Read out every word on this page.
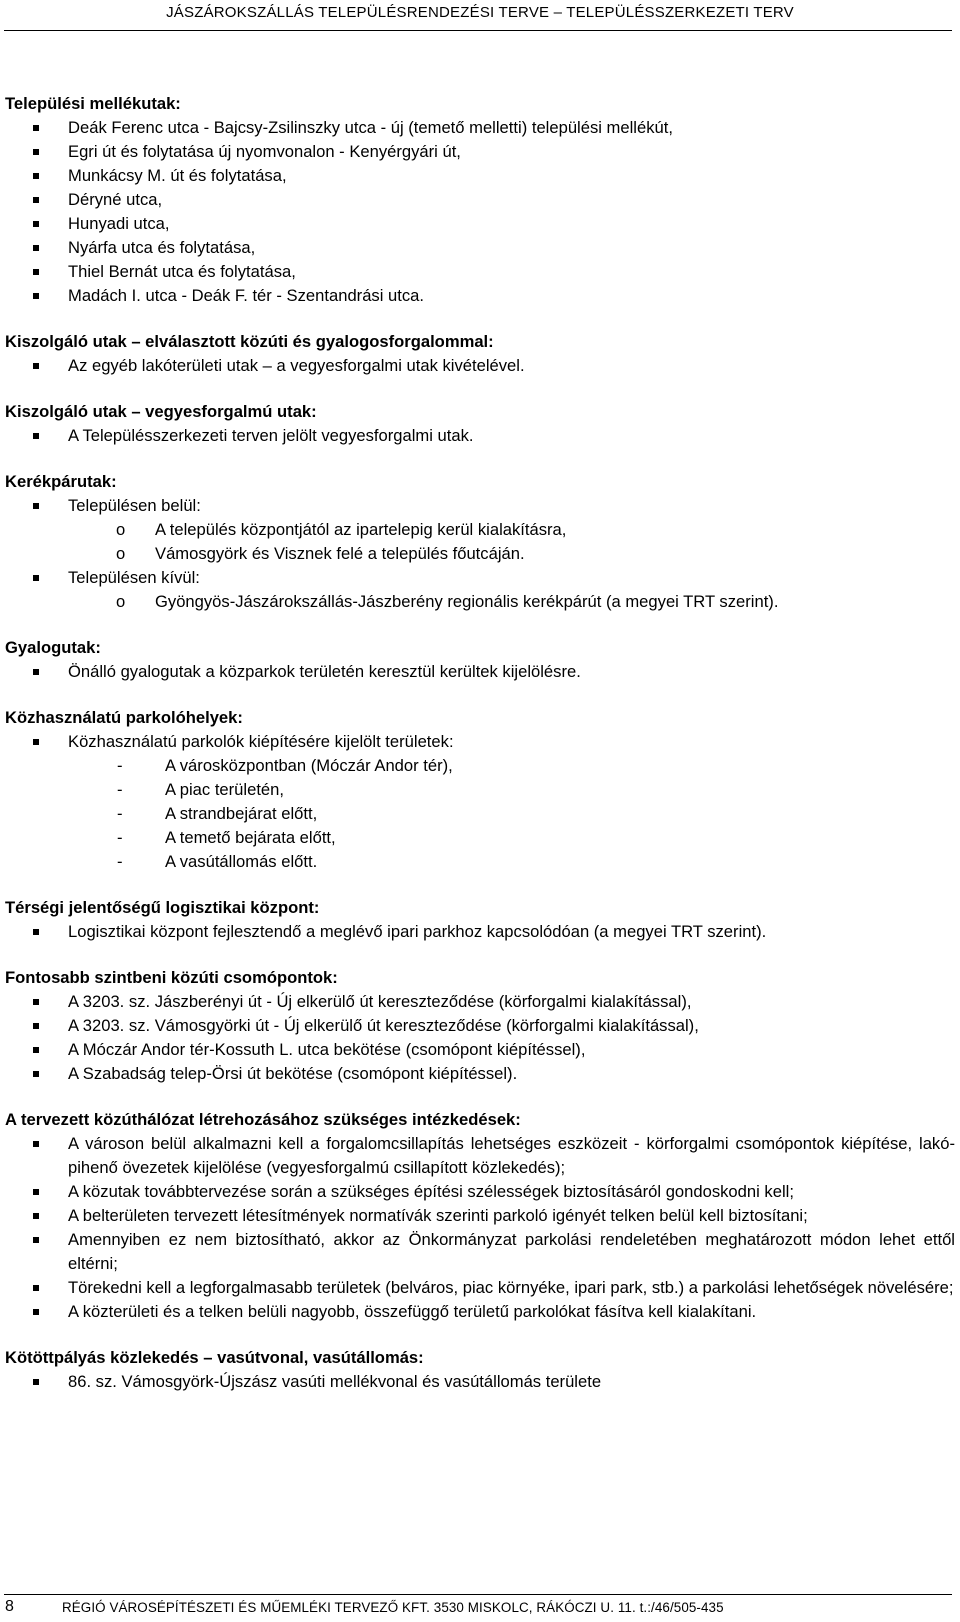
JÁSZÁROKSZÁLLÁS TELEPÜLÉSRENDEZÉSI TERVE – TELEPÜLÉSSZERKEZETI TERV
Települési mellékutak:
Deák Ferenc utca - Bajcsy-Zsilinszky utca - új (temető melletti) települési mellékút,
Egri út és folytatása új nyomvonalon - Kenyérgyári út,
Munkácsy M. út és folytatása,
Déryné utca,
Hunyadi utca,
Nyárfa utca és folytatása,
Thiel Bernát utca és folytatása,
Madách I. utca - Deák F. tér - Szentandrási utca.
Kiszolgáló utak – elválasztott közúti és gyalogosforgalommal:
Az egyéb lakóterületi utak – a vegyesforgalmi utak kivételével.
Kiszolgáló utak – vegyesforgalmú utak:
A Településszerkezeti terven jelölt vegyesforgalmi utak.
Kerékpárutak:
Településen belül:
o A település központjától az ipartelepig kerül kialakításra,
o Vámosgyörk és Visznek felé a település főutcáján.
Településen kívül:
o Gyöngyös-Jászárokszállás-Jászberény regionális kerékpárút (a megyei TRT szerint).
Gyalogutak:
Önálló gyalogutak a közparkok területén keresztül kerültek kijelölésre.
Közhasználatú parkolóhelyek:
Közhasználatú parkolók kiépítésére kijelölt területek:
- A városközpontban (Móczár Andor tér),
- A piac területén,
- A strandbejárat előtt,
- A temető bejárata előtt,
- A vasútállomás előtt.
Térségi jelentőségű logisztikai központ:
Logisztikai központ fejlesztendő a meglévő ipari parkhoz kapcsolódóan (a megyei TRT szerint).
Fontosabb szintbeni közúti csomópontok:
A 3203. sz. Jászberényi út - Új elkerülő út kereszteződése (körforgalmi kialakítással),
A 3203. sz. Vámosgyörki út - Új elkerülő út kereszteződése (körforgalmi kialakítással),
A Móczár Andor tér-Kossuth L. utca bekötése (csomópont kiépítéssel),
A Szabadság telep-Örsi út bekötése (csomópont kiépítéssel).
A tervezett közúthálózat létrehozásához szükséges intézkedések:
A városon belül alkalmazni kell a forgalomcsillapítás lehetséges eszközeit - körforgalmi csomópontok kiépítése, lakó-pihenő övezetek kijelölése (vegyesforgalmú csillapított közlekedés);
A közutak továbbtervezése során a szükséges építési szélességek biztosításáról gondoskodni kell;
A belterületen tervezett létesítmények normatívák szerinti parkoló igényét telken belül kell biztosítani;
Amennyiben ez nem biztosítható, akkor az Önkormányzat parkolási rendeletében meghatározott módon lehet ettől eltérni;
Törekedni kell a legforgalmasabb területek (belváros, piac környéke, ipari park, stb.) a parkolási lehetőségek növelésére;
A közterületi és a telken belüli nagyobb, összefüggő területű parkolókat fásítva kell kialakítani.
Kötöttpályás közlekedés – vasútvonal, vasútállomás:
86. sz. Vámosgyörk-Újszász vasúti mellékvonal és vasútállomás területe
8	RÉGIÓ VÁROSÉPÍTÉSZETI ÉS MŰEMLÉKI TERVEZŐ KFT. 3530 MISKOLC, RÁKÓCZI U. 11. t.:/46/505-435
